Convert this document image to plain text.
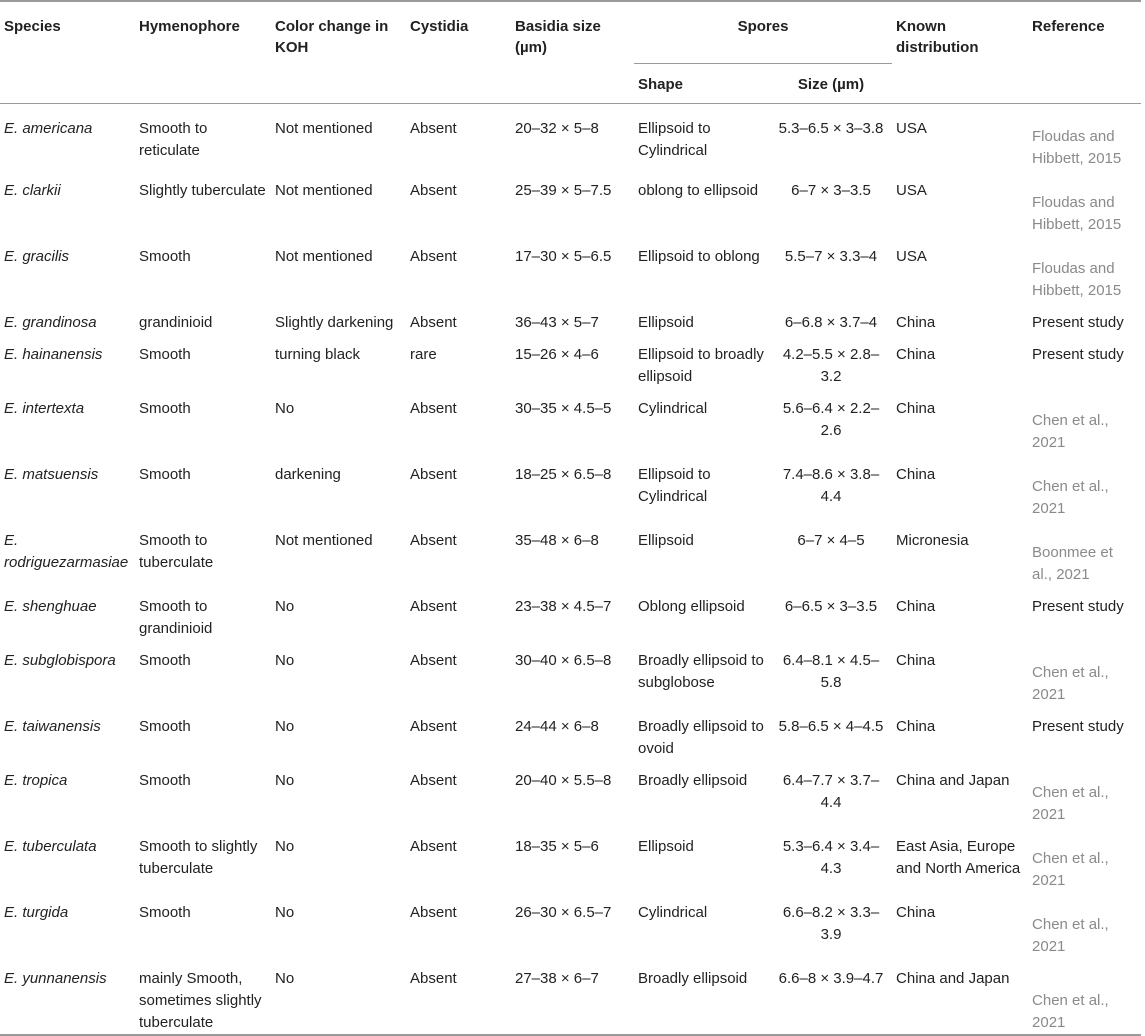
Species	Hymenophore	Color change in KOH	Cystidia	Basidia size (µm)	Spores		Known distribution	Reference
					Shape	Size (µm)		
E. americana	Smooth to reticulate	Not mentioned	Absent	20–32 × 5–8	Ellipsoid to Cylindrical	5.3–6.5 × 3–3.8	USA	Floudas and Hibbett, 2015
E. clarkii	Slightly tuberculate	Not mentioned	Absent	25–39 × 5–7.5	oblong to ellipsoid	6–7 × 3–3.5	USA	Floudas and Hibbett, 2015
E. gracilis	Smooth	Not mentioned	Absent	17–30 × 5–6.5	Ellipsoid to oblong	5.5–7 × 3.3–4	USA	Floudas and Hibbett, 2015
E. grandinosa	grandinioid	Slightly darkening	Absent	36–43 × 5–7	Ellipsoid	6–6.8 × 3.7–4	China	Present study
E. hainanensis	Smooth	turning black	rare	15–26 × 4–6	Ellipsoid to broadly ellipsoid	4.2–5.5 × 2.8–3.2	China	Present study
E. intertexta	Smooth	No	Absent	30–35 × 4.5–5	Cylindrical	5.6–6.4 × 2.2–2.6	China	Chen et al., 2021
E. matsuensis	Smooth	darkening	Absent	18–25 × 6.5–8	Ellipsoid to Cylindrical	7.4–8.6 × 3.8–4.4	China	Chen et al., 2021
E. rodriguezarmasiae	Smooth to tuberculate	Not mentioned	Absent	35–48 × 6–8	Ellipsoid	6–7 × 4–5	Micronesia	Boonmee et al., 2021
E. shenghuae	Smooth to grandinioid	No	Absent	23–38 × 4.5–7	Oblong ellipsoid	6–6.5 × 3–3.5	China	Present study
E. subglobispora	Smooth	No	Absent	30–40 × 6.5–8	Broadly ellipsoid to subglobose	6.4–8.1 × 4.5–5.8	China	Chen et al., 2021
E. taiwanensis	Smooth	No	Absent	24–44 × 6–8	Broadly ellipsoid to ovoid	5.8–6.5 × 4–4.5	China	Present study
E. tropica	Smooth	No	Absent	20–40 × 5.5–8	Broadly ellipsoid	6.4–7.7 × 3.7–4.4	China and Japan	Chen et al., 2021
E. tuberculata	Smooth to slightly tuberculate	No	Absent	18–35 × 5–6	Ellipsoid	5.3–6.4 × 3.4–4.3	East Asia, Europe and North America	Chen et al., 2021
E. turgida	Smooth	No	Absent	26–30 × 6.5–7	Cylindrical	6.6–8.2 × 3.3–3.9	China	Chen et al., 2021
E. yunnanensis	mainly Smooth, sometimes slightly tuberculate	No	Absent	27–38 × 6–7	Broadly ellipsoid	6.6–8 × 3.9–4.7	China and Japan	Chen et al., 2021
